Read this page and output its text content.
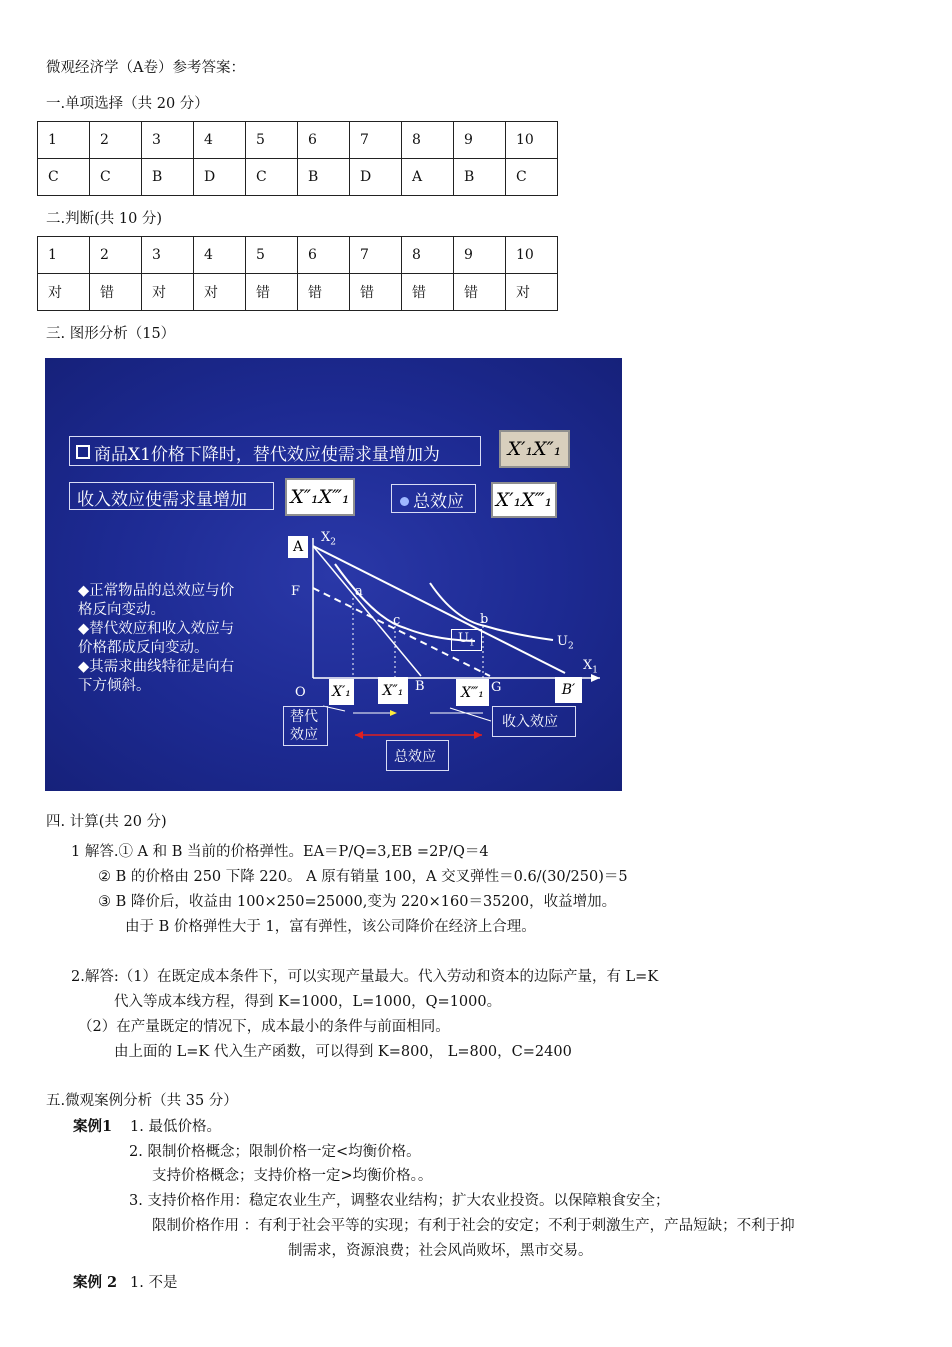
微观经济学（A卷）参考答案：
一.单项选择（共 20 分）
1	2	3	4	5	6	7	8	9	10
C	C	B	D	C	B	D	A	B	C
二.判断(共 10 分)
1	2	3	4	5	6	7	8	9	10
对	错	对	对	错	错	错	错	错	对
三. 图形分析（15）
商品X1价格下降时，替代效应使需求量增加为	X′₁X″₁
收入效应使需求量增加	X″₁X‴₁	总效应	X′₁X‴₁
◆正常物品的总效应与价
格反向变动。
◆替代效应和收入效应与
价格都成反向变动。
◆其需求曲线特征是向右
下方倾斜。
A
$X_2$
F	a
c	b
$U_1$	$U_2$
$X_1$
O	B	G
X′₁	X″₁	X‴₁	B′
替代
效应
收入效应
总效应
四. 计算(共 20 分)
1 解答.① A 和 B 当前的价格弹性。EA＝P/Q=3,EB =2P/Q＝4
② B 的价格由 250 下降 220。 A 原有销量 100，A 交叉弹性＝0.6/(30/250)＝5
③ B 降价后，收益由 100×250=25000,变为 220×160＝35200，收益增加。
由于 B 价格弹性大于 1，富有弹性，该公司降价在经济上合理。
2.解答:（1）在既定成本条件下，可以实现产量最大。代入劳动和资本的边际产量，有 L=K
代入等成本线方程，得到 K=1000，L=1000，Q=1000。
（2）在产量既定的情况下，成本最小的条件与前面相同。
由上面的 L=K 代入生产函数，可以得到 K=800， L=800，C=2400
五.微观案例分析（共 35 分）
案例1 1. 最低价格。
2. 限制价格概念；限制价格一定<均衡价格。
支持价格概念；支持价格一定>均衡价格。。
3. 支持价格作用：稳定农业生产，调整农业结构；扩大农业投资。以保障粮食安全；
限制价格作用 ：有利于社会平等的实现；有利于社会的安定；不利于刺激生产，产品短缺；不利于抑
制需求，资源浪费；社会风尚败坏，黑市交易。
案例 2 1. 不是
